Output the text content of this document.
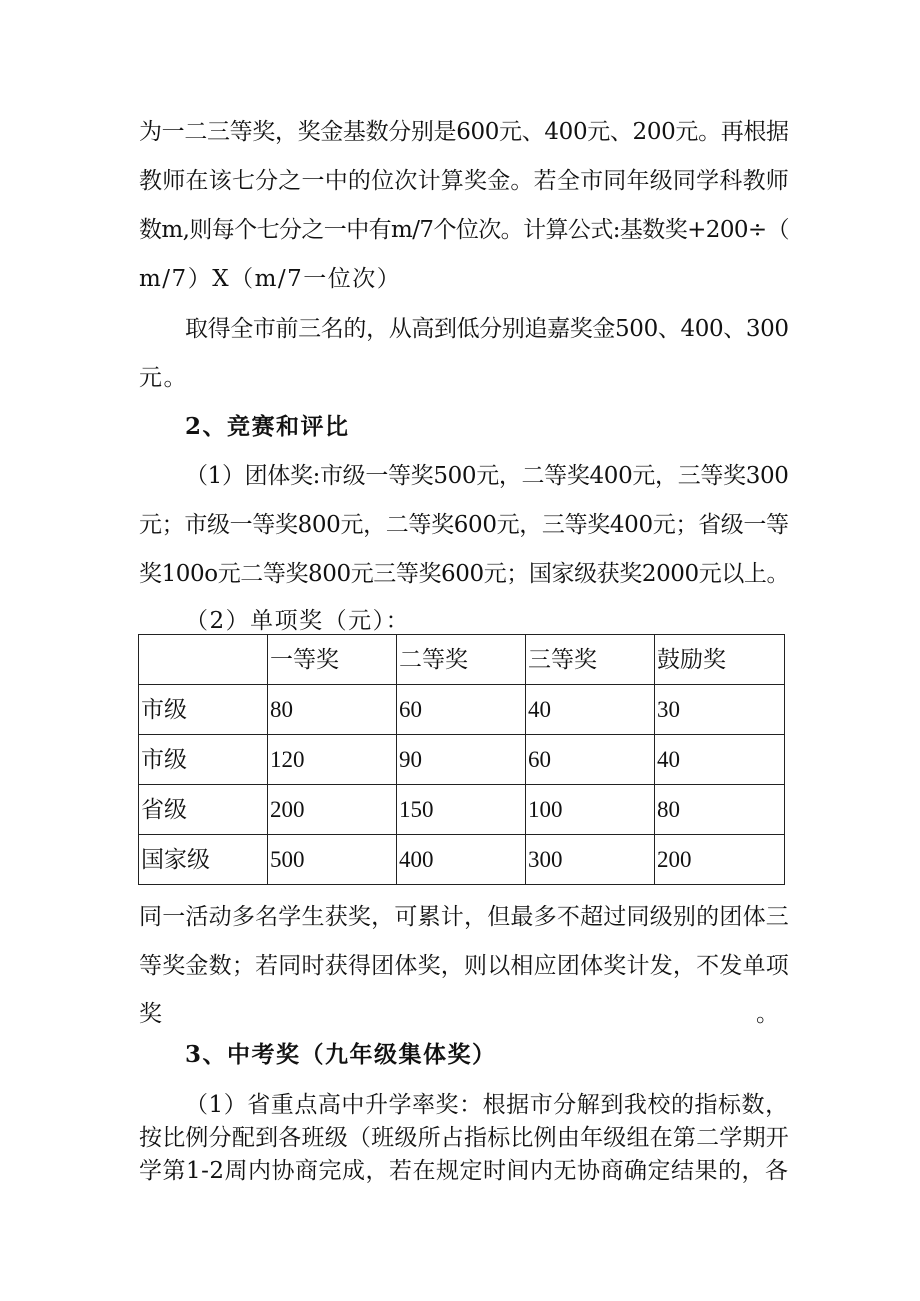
为一二三等奖，奖金基数分别是600元、400元、200元。再根据
教师在该七分之一中的位次计算奖金。若全市同年级同学科教师
数m,则每个七分之一中有m/7个位次。计算公式:基数奖+200÷（
m/7）X（m/7一位次）
取得全市前三名的，从高到低分别追嘉奖金500、400、300
元。
2、竞赛和评比
（1）团体奖:市级一等奖500元，二等奖400元，三等奖300
元；市级一等奖800元，二等奖600元，三等奖400元；省级一等
奖100o元二等奖800元三等奖600元；国家级获奖2000元以上。
（2）单项奖（元）：
	一等奖	二等奖	三等奖	鼓励奖
市级	80	60	40	30
市级	120	90	60	40
省级	200	150	100	80
国家级	500	400	300	200
同一活动多名学生获奖，可累计，但最多不超过同级别的团体三
等奖金数；若同时获得团体奖，则以相应团体奖计发，不发单项
奖	。
3、中考奖（九年级集体奖）
（1）省重点高中升学率奖：根据市分解到我校的指标数，
按比例分配到各班级（班级所占指标比例由年级组在第二学期开
学第1-2周内协商完成，若在规定时间内无协商确定结果的，各
